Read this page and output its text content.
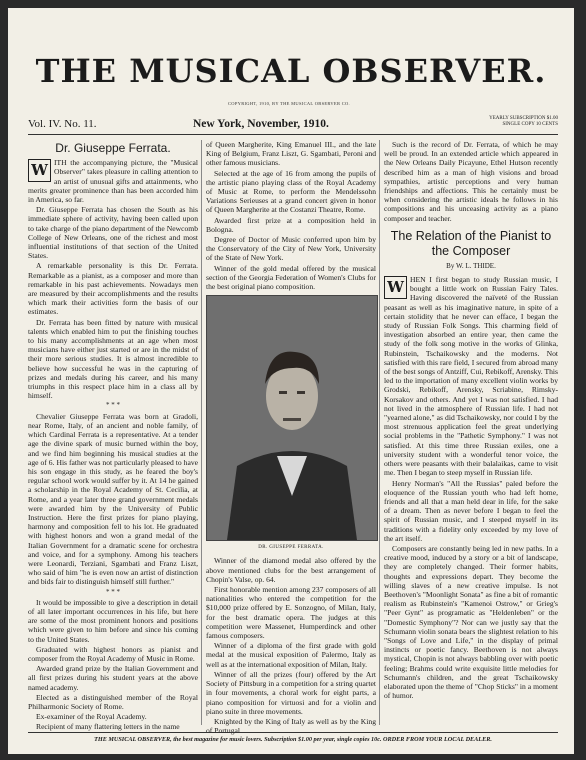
THE MUSICAL OBSERVER.
COPYRIGHT, 1910, BY THE MUSICAL OBSERVER CO.
Vol. IV. No. 11.	New York, November, 1910.	YEARLY SUBSCRIPTION $1.00
SINGLE COPY 10 CENTS
Dr. Giuseppe Ferrata.

W ITH the accompanying picture, the "Musical Observer" takes pleasure in calling attention to an artist of unusual gifts and attainments, who merits greater prominence than has been accorded him in America, so far.

Dr. Giuseppe Ferrata has chosen the South as his immediate sphere of activity, having been called upon to take charge of the piano department of the Newcomb College of New Orleans, one of the richest and most influential institutions of that section of the United States.

A remarkable personality is this Dr. Ferrata. Remarkable as a pianist, as a composer and more than remarkable in his past achievements. Nowadays men are measured by their accomplishments and the results which mark their activities form the basis of our estimates.

Dr. Ferrata has been fitted by nature with musical talents which enabled him to put the finishing touches to his many accomplishments at an age when most musicians have either just started or are in the midst of their more serious studies. It is almost incredible to believe how successful he was in the capturing of prizes and medals during his career, and his many triumphs in this respect place him in a class all by himself.

* * *

Chevalier Giuseppe Ferrata was born at Gradoli, near Rome, Italy, of an ancient and noble family, of which Cardinal Ferrata is a representative. At a tender age the divine spark of music burned within the boy, and we find him beginning his musical studies at the age of 6. His father was not particularly pleased to have his son engage in this study, as he feared the boy's regular school work would suffer by it. At 14 he gained a scholarship in the Royal Academy of St. Cecilia, at Rome, and a year later three grand government medals were awarded him by the University of Public Instruction. Here the first prizes for piano playing, harmony and composition fell to his lot. He graduated with highest honors and won a grand medal of the Italian Government for a dramatic scene for orchestra and voice, and for a symphony. Among his teachers were Leonardi, Terziani, Sgambati and Franz Liszt, who said of him "he is even now an artist of distinction and bids fair to distinguish himself still further."

* * *

It would be impossible to give a description in detail of all later important occurrences in his life, but here are some of the most prominent honors and positions which were given to him before and since his coming to the United States.

Graduated with highest honors as pianist and composer from the Royal Academy of Music in Rome.

Awarded grand prize by the Italian Government and all first prizes during his student years at the above named academy.

Elected as a distinguished member of the Royal Philharmonic Society of Rome.

Ex-examiner of the Royal Academy.

Recipient of many flattering letters in the name

of Queen Margherite, King Emanuel III., and the late King of Belgium, Franz Liszt, G. Sgambati, Peroni and other famous musicians.

Selected at the age of 16 from among the pupils of the artistic piano playing class of the Royal Academy of Music at Rome, to perform the Mendelssohn Variations Serieuses at a grand concert given in honor of Queen Margherite at the Costanzi Theatre, Rome.

Awarded first prize at a composition held in Bologna.

Degree of Doctor of Music conferred upon him by the Conservatory of the City of New York, University of the State of New York.

Winner of the gold medal offered by the musical section of the Georgia Federation of Women's Clubs for the best original piano composition.

DR. GIUSEPPE FERRATA.

Winner of the diamond medal also offered by the above mentioned clubs for the best arrangement of Chopin's Valse, op. 64.

First honorable mention among 237 composers of all nationalities who entered the competition for the $10,000 prize offered by E. Sonzogno, of Milan, Italy, for the best dramatic opera. The judges at this competition were Massenet, Humperdinck and other famous composers.

Winner of a diploma of the first grade with gold medal at the musical exposition of Palermo, Italy as well as at the international exposition of Milan, Italy.

Winner of all the prizes (four) offered by the Art Society of Pittsburg in a competition for a string quartet in four movements, a choral work for eight parts, a piano composition for virtuosi and for a violin and piano suite in three movements.

Knighted by the King of Italy as well as by the King of Portugal.

Such is the record of Dr. Ferrata, of which he may well be proud. In an extended article which appeared in the New Orleans Daily Picayune, Ethel Hutson recently described him as a man of high visions and broad sympathies, artistic perceptions and very human friendships and affections. This he certainly must be when considering the artistic ideals he follows in his compositions and his unceasing activity as a piano composer and teacher.

The Relation of the Pianist to the Composer
By W. L. THIDE.

W HEN I first began to study Russian music, I bought a little work on Russian Fairy Tales. Having discovered the naïveté of the Russian peasant as well as his imaginative nature, in spite of a certain stolidity that he never can efface, I began the study of Russian Folk Songs. This charming field of investigation absorbed an entire year, then came the study of the folk song motive in the works of Glinka, Rubinstein, Tschaikowsky and the moderns. Not satisfied with this rare field, I secured from abroad many of the best songs of Antziff, Cui, Rebikoff, Arensky. This led to the importation of many excellent violin works by Grodski, Rebikoff, Arensky, Scriabine, Rimsky-Korsakov and others. And yet I was not satisfied. I had not lived in the atmosphere of Russian life. I had not "yearned alone," as did Tschaikowsky, nor could I by the most strenuous application feel the great underlying social problems in the "Pathetic Symphony." I was not satisfied. At this time three Russian exiles, one a university student with a wonderful tenor voice, the others were peasants with their balalaikas, came to visit me. Then I began to steep myself in Russian life.

Henry Norman's "All the Russias" paled before the eloquence of the Russian youth who had left home, friends and all that a man held dear in life, for the sake of a dream. Then as never before I began to feel the spirit of Russian music, and I steeped myself in its traditions with a fidelity only exceeded by my love of the art itself.

Composers are constantly being led in new paths. In a creative mood, induced by a story or a bit of landscape, they are completely changed. Their former habits, thoughts and expressions depart. They become the willing slaves of a new creative impulse. Is not Beethoven's "Moonlight Sonata" as fine a bit of romantic realism as Rubinstein's "Kamenoi Ostrow," or Grieg's "Peer Gynt" as programatic as "Heldenleben" or the "Domestic Symphony"? Nor can we justly say that the Schumann violin sonata bears the slightest relation to his "Songs of Love and Life," in the display of primal instincts or poetic fancy. Beethoven is not always mystical, Chopin is not always babbling over with poetic feeling; Brahms could write exquisite little melodies for Schumann's children, and the great Tschaikowsky elaborated upon the theme of "Chop Sticks" in a moment of humor.

THE MUSICAL OBSERVER, the best magazine for music lovers. Subscription $1.00 per year, single copies 10c. ORDER FROM YOUR LOCAL DEALER.
